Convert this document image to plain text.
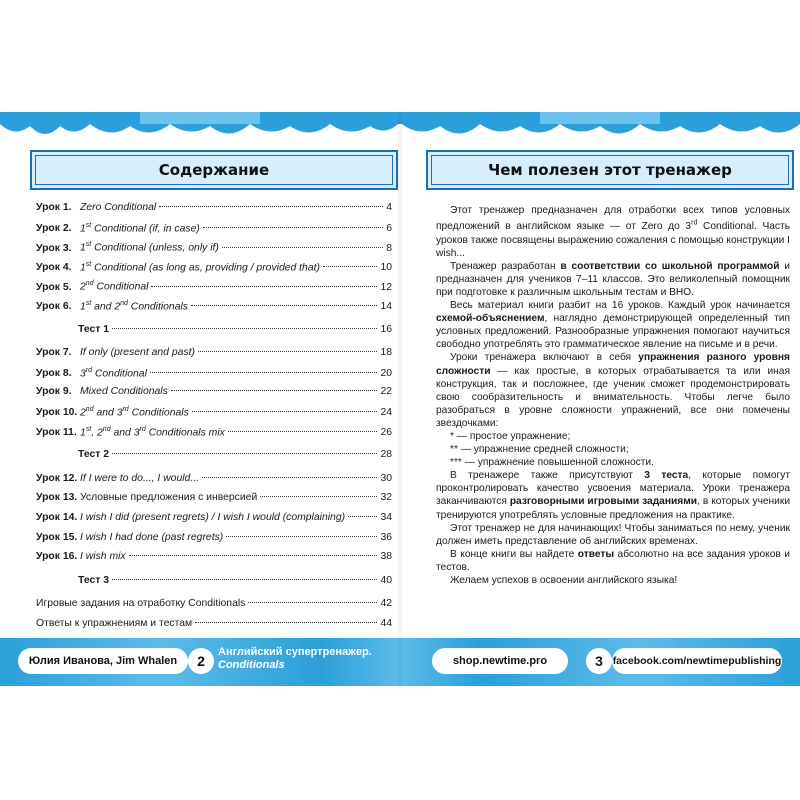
Содержание
Урок 1. Zero Conditional	4
Урок 2. 1st Conditional (if, in case)	6
Урок 3. 1st Conditional (unless, only if)	8
Урок 4. 1st Conditional (as long as, providing / provided that)	10
Урок 5. 2nd Conditional	12
Урок 6. 1st and 2nd Conditionals	14
Тест 1	16
Урок 7. If only (present and past)	18
Урок 8. 3rd Conditional	20
Урок 9. Mixed Conditionals	22
Урок 10. 2nd and 3rd Conditionals	24
Урок 11. 1st, 2nd and 3rd Conditionals mix	26
Тест 2	28
Урок 12. If I were to do..., I would...	30
Урок 13. Условные предложения с инверсией	32
Урок 14. I wish I did (present regrets) / I wish I would (complaining)	34
Урок 15. I wish I had done (past regrets)	36
Урок 16. I wish mix	38
Тест 3	40
Игровые задания на отработку Conditionals	42
Ответы к упражнениям и тестам	44
Чем полезен этот тренажер

Этот тренажер предназначен для отработки всех типов условных предложений в английском языке — от Zero до 3rd Conditional. Часть уроков также посвящены выражению сожаления с помощью конструкции I wish...

Тренажер разработан в соответствии со школьной программой и предназначен для учеников 7–11 классов. Это великолепный помощник при подготовке к различным школьным тестам и ВНО.

Весь материал книги разбит на 16 уроков. Каждый урок начинается схемой-объяснением, наглядно демонстрирующей определенный тип условных предложений. Разнообразные упражнения помогают научиться свободно употреблять это грамматическое явление на письме и в речи.

Уроки тренажера включают в себя упражнения разного уровня сложности — как простые, в которых отрабатывается та или иная конструкция, так и посложнее, где ученик сможет продемонстрировать свою сообразительность и внимательность. Чтобы легче было разобраться в уровне сложности упражнений, все они помечены звездочками:

* — простое упражнение;

** — упражнение средней сложности;

*** — упражнение повышенной сложности.

В тренажере также присутствуют 3 теста, которые помогут проконтролировать качество усвоения материала. Уроки тренажера заканчиваются разговорными игровыми заданиями, в которых ученики тренируются употреблять условные предложения на практике.

Этот тренажер не для начинающих! Чтобы заниматься по нему, ученик должен иметь представление об английских временах.

В конце книги вы найдете ответы абсолютно на все задания уроков и тестов.

Желаем успехов в освоении английского языка!

Юлия Иванова, Jim Whalen	2
Английский супертренажер.
Conditionals	shop.newtime.pro	3 facebook.com/newtimepublishing
